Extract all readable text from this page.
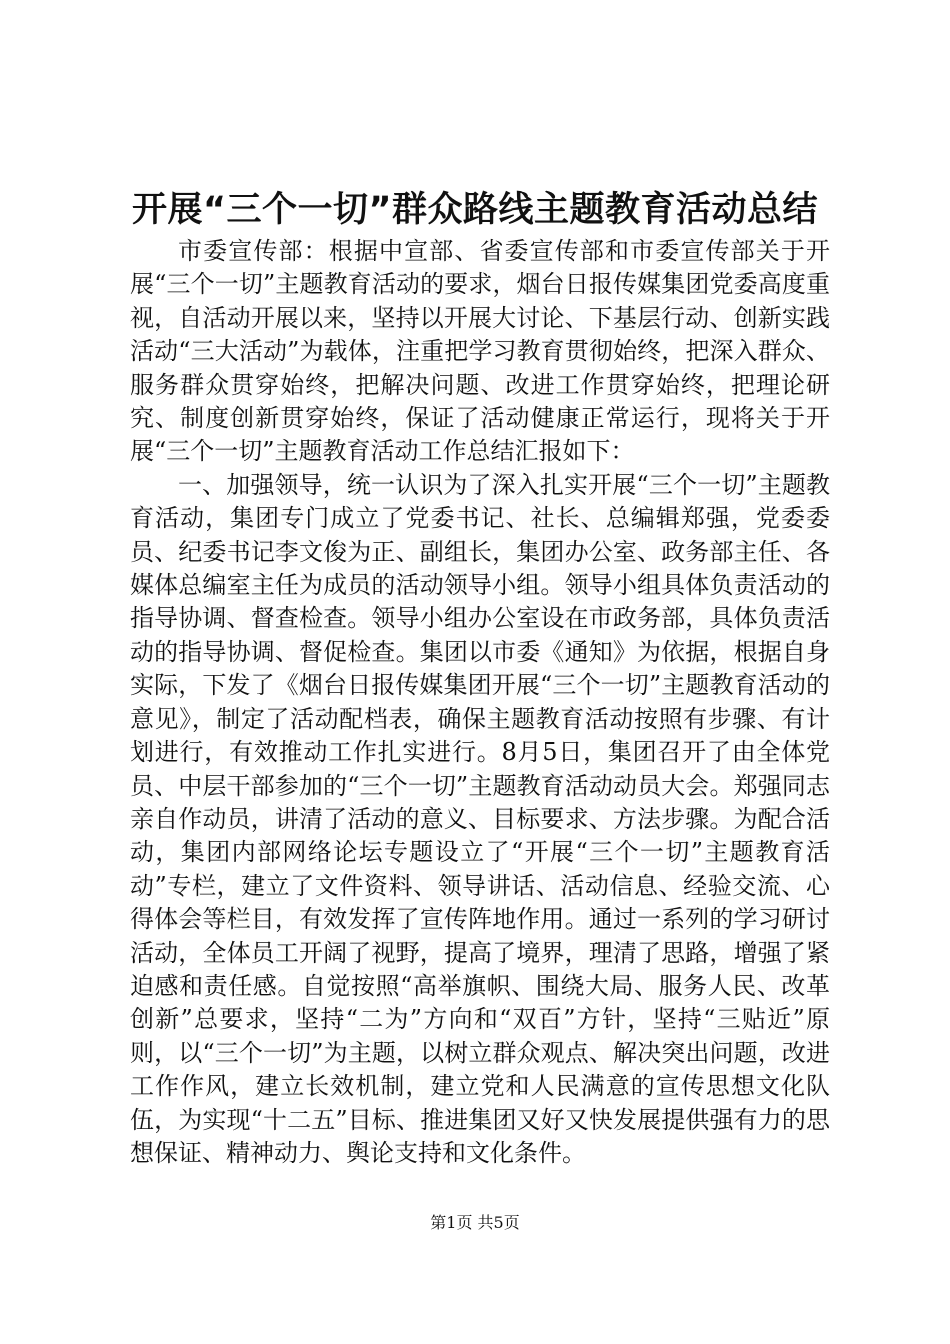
开展“三个一切”群众路线主题教育活动总结

市委宣传部：根据中宣部、省委宣传部和市委宣传部关于开展“三个一切”主题教育活动的要求，烟台日报传媒集团党委高度重视，自活动开展以来，坚持以开展大讨论、下基层行动、创新实践活动“三大活动”为载体，注重把学习教育贯彻始终，把深入群众、服务群众贯穿始终，把解决问题、改进工作贯穿始终，把理论研究、制度创新贯穿始终，保证了活动健康正常运行，现将关于开展“三个一切”主题教育活动工作总结汇报如下：

一、加强领导，统一认识为了深入扎实开展“三个一切”主题教育活动，集团专门成立了党委书记、社长、总编辑郑强，党委委员、纪委书记李文俊为正、副组长，集团办公室、政务部主任、各媒体总编室主任为成员的活动领导小组。领导小组具体负责活动的指导协调、督查检查。领导小组办公室设在市政务部，具体负责活动的指导协调、督促检查。集团以市委《通知》为依据，根据自身实际，下发了《烟台日报传媒集团开展“三个一切”主题教育活动的意见》，制定了活动配档表，确保主题教育活动按照有步骤、有计划进行，有效推动工作扎实进行。8月5日，集团召开了由全体党员、中层干部参加的“三个一切”主题教育活动动员大会。郑强同志亲自作动员，讲清了活动的意义、目标要求、方法步骤。为配合活动，集团内部网络论坛专题设立了“开展“三个一切”主题教育活动”专栏，建立了文件资料、领导讲话、活动信息、经验交流、心得体会等栏目，有效发挥了宣传阵地作用。通过一系列的学习研讨活动，全体员工开阔了视野，提高了境界，理清了思路，增强了紧迫感和责任感。自觉按照“高举旗帜、围绕大局、服务人民、改革创新”总要求，坚持“二为”方向和“双百”方针，坚持“三贴近”原则，以“三个一切”为主题，以树立群众观点、解决突出问题，改进工作作风，建立长效机制，建立党和人民满意的宣传思想文化队伍，为实现“十二五”目标、推进集团又好又快发展提供强有力的思想保证、精神动力、舆论支持和文化条件。

第1页 共5页
